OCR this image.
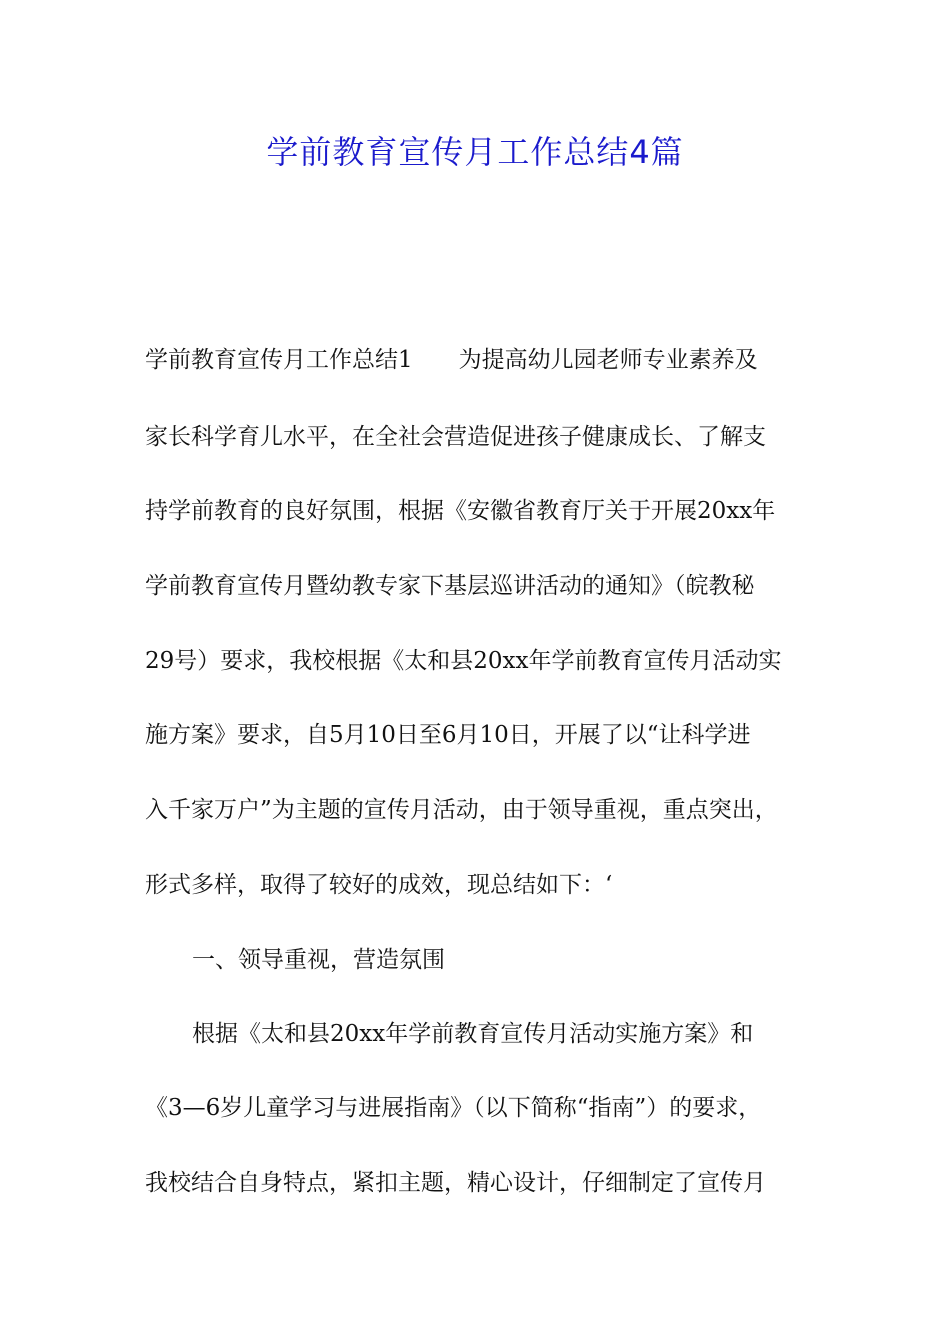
学前教育宣传月工作总结4篇
学前教育宣传月工作总结1　　为提高幼儿园老师专业素养及
家长科学育儿水平，在全社会营造促进孩子健康成长、了解支
持学前教育的良好氛围，根据《安徽省教育厅关于开展20xx年
学前教育宣传月暨幼教专家下基层巡讲活动的通知》（皖教秘
29号）要求，我校根据《太和县20xx年学前教育宣传月活动实
施方案》要求，自5月10日至6月10日，开展了以“让科学进
入千家万户”为主题的宣传月活动，由于领导重视，重点突出，
形式多样，取得了较好的成效，现总结如下：‘
一、领导重视，营造氛围
根据《太和县20xx年学前教育宣传月活动实施方案》和
《3—6岁儿童学习与进展指南》（以下简称“指南”）的要求，
我校结合自身特点，紧扣主题，精心设计，仔细制定了宣传月
